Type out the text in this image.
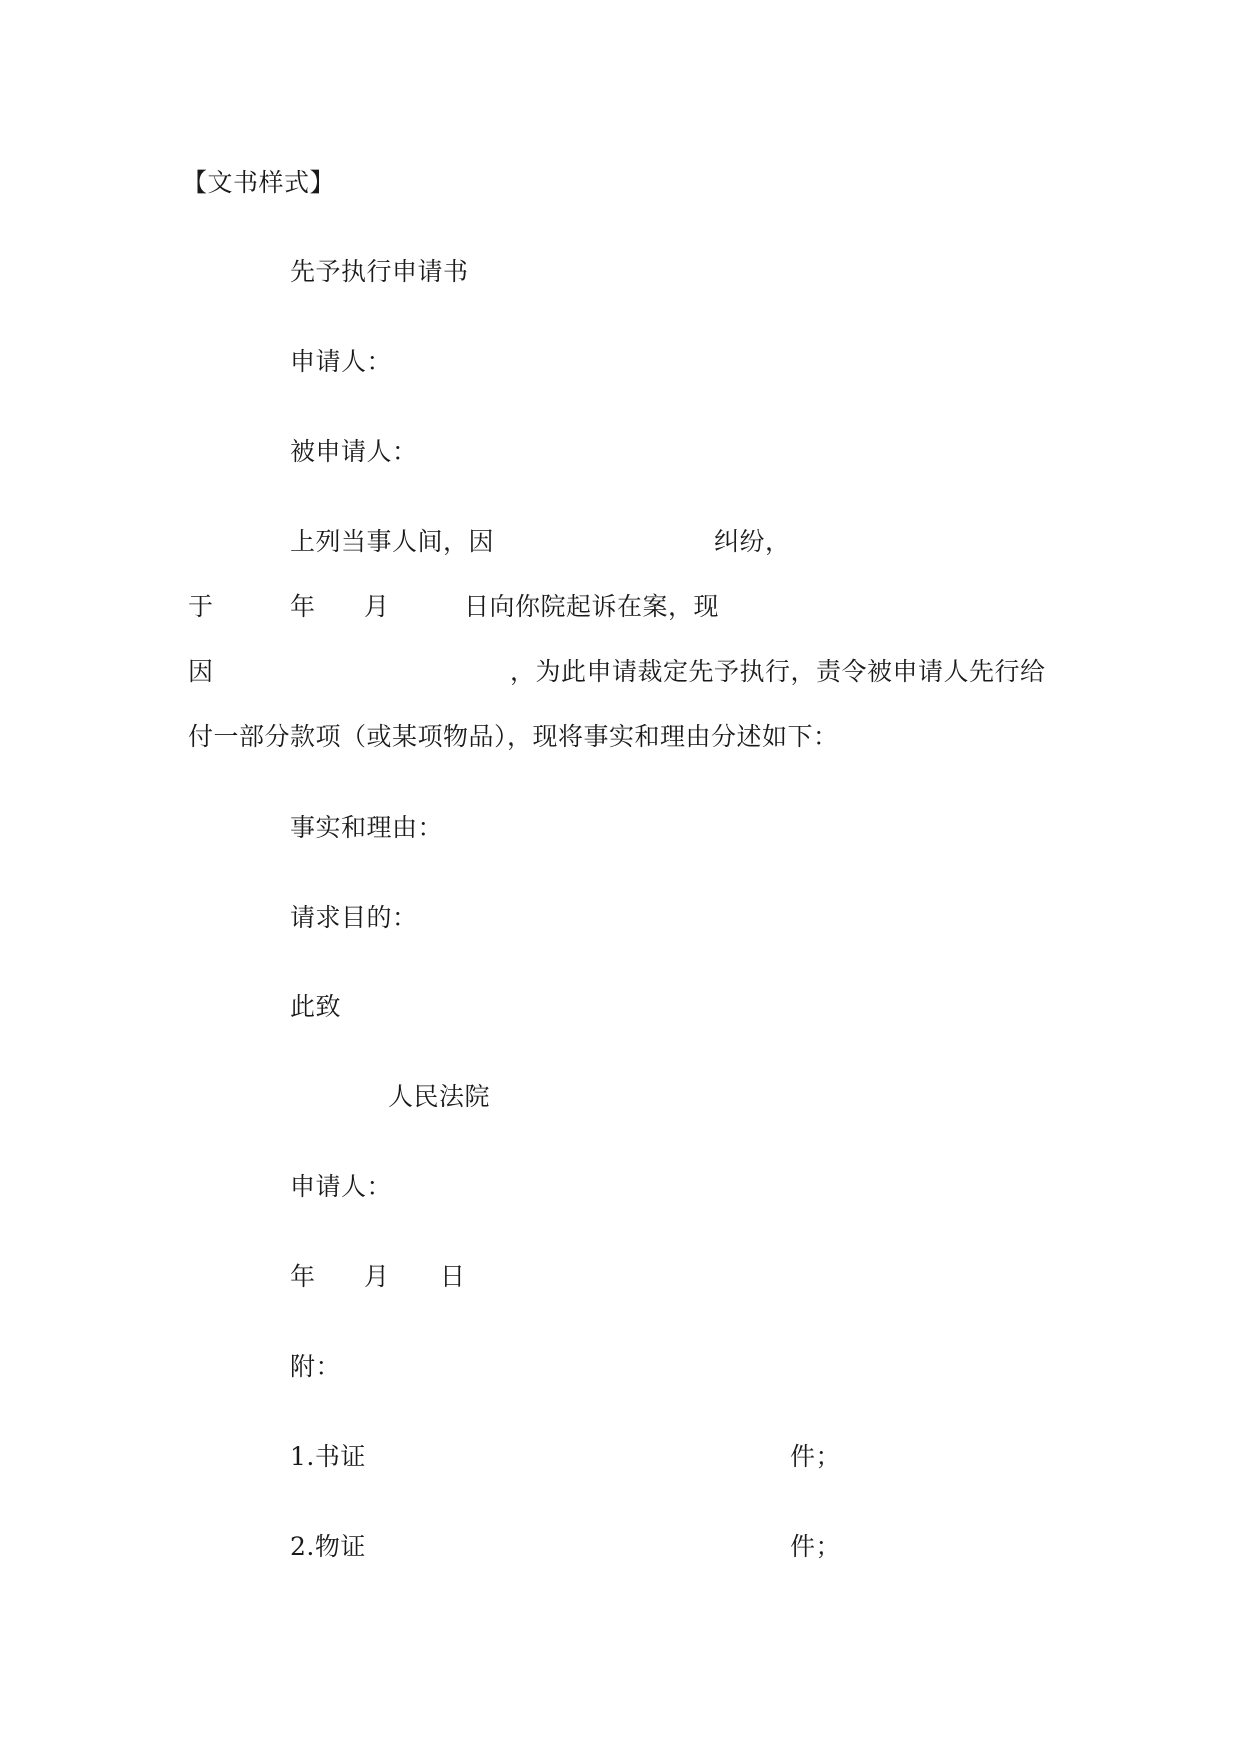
【文书样式】
先予执行申请书
申请人：
被申请人：
上列当事人间，因	纠纷，
于	年 月	日向你院起诉在案，现
因	，为此申请裁定先予执行，责令被申请人先行给
付一部分款项（或某项物品），现将事实和理由分述如下：
事实和理由：
请求目的：
此致
人民法院
申请人：
年 月 日
附：
1.书证	件；
2.物证	件；
